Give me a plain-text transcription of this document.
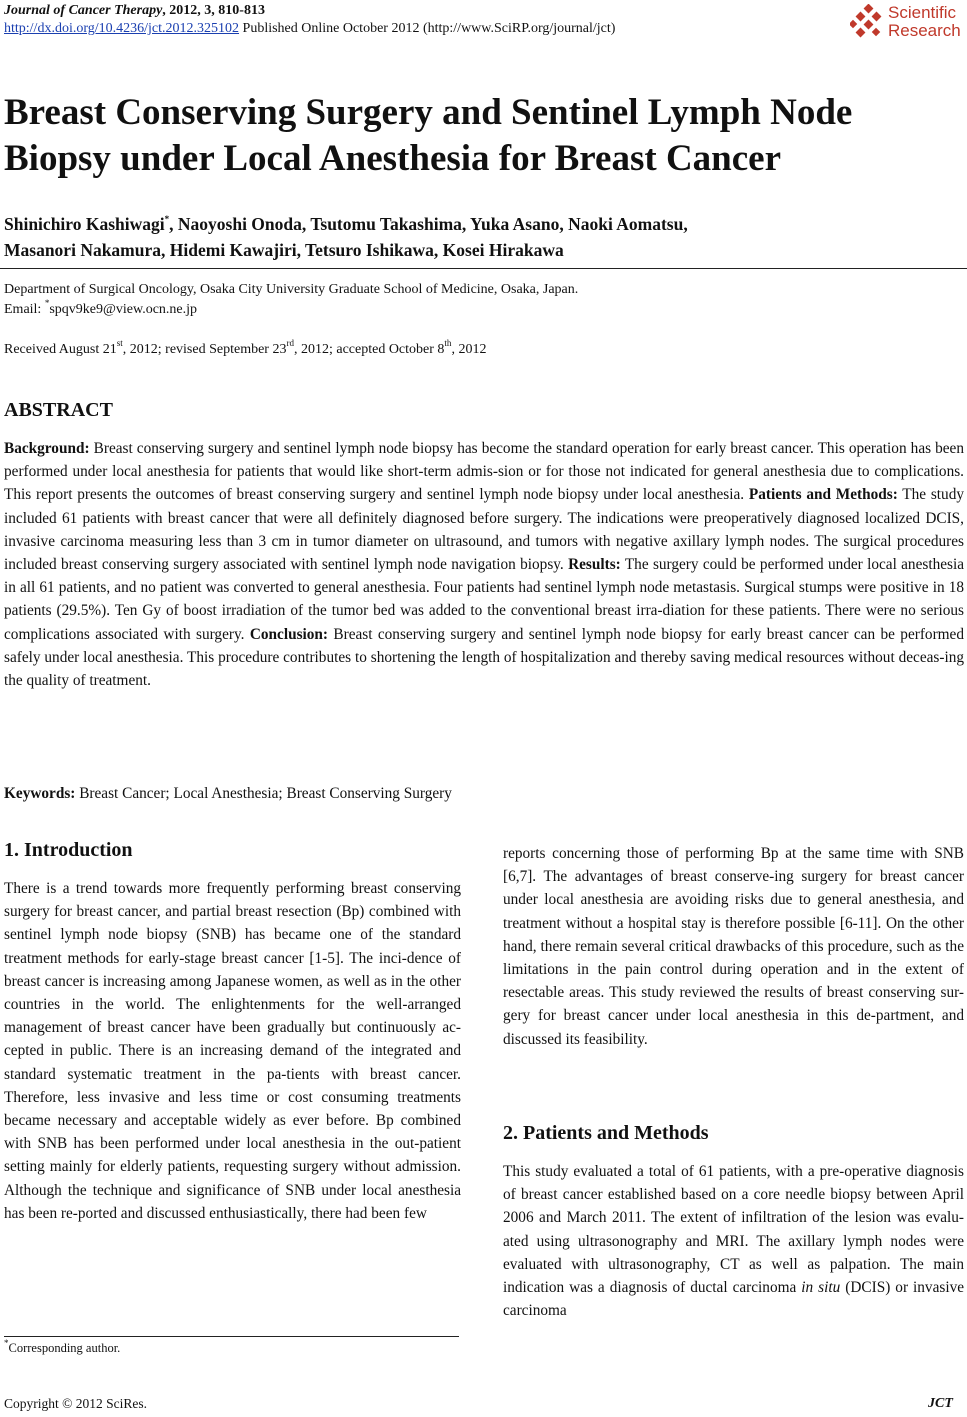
Journal of Cancer Therapy, 2012, 3, 810-813
http://dx.doi.org/10.4236/jct.2012.325102 Published Online October 2012 (http://www.SciRP.org/journal/jct)
Scientific
Research
Breast Conserving Surgery and Sentinel Lymph Node
Biopsy under Local Anesthesia for Breast Cancer
Shinichiro Kashiwagi*, Naoyoshi Onoda, Tsutomu Takashima, Yuka Asano, Naoki Aomatsu,
Masanori Nakamura, Hidemi Kawajiri, Tetsuro Ishikawa, Kosei Hirakawa
Department of Surgical Oncology, Osaka City University Graduate School of Medicine, Osaka, Japan.
Email: *spqv9ke9@view.ocn.ne.jp
Received August 21st, 2012; revised September 23rd, 2012; accepted October 8th, 2012
ABSTRACT
Background: Breast conserving surgery and sentinel lymph node biopsy has become the standard operation for early breast cancer. This operation has been performed under local anesthesia for patients that would like short-term admis-sion or for those not indicated for general anesthesia due to complications. This report presents the outcomes of breast conserving surgery and sentinel lymph node biopsy under local anesthesia. Patients and Methods: The study included 61 patients with breast cancer that were all definitely diagnosed before surgery. The indications were preoperatively diagnosed localized DCIS, invasive carcinoma measuring less than 3 cm in tumor diameter on ultrasound, and tumors with negative axillary lymph nodes. The surgical procedures included breast conserving surgery associated with sentinel lymph node navigation biopsy. Results: The surgery could be performed under local anesthesia in all 61 patients, and no patient was converted to general anesthesia. Four patients had sentinel lymph node metastasis. Surgical stumps were positive in 18 patients (29.5%). Ten Gy of boost irradiation of the tumor bed was added to the conventional breast irra-diation for these patients. There were no serious complications associated with surgery. Conclusion: Breast conserving surgery and sentinel lymph node biopsy for early breast cancer can be performed safely under local anesthesia. This procedure contributes to shortening the length of hospitalization and thereby saving medical resources without deceas-ing the quality of treatment.
Keywords: Breast Cancer; Local Anesthesia; Breast Conserving Surgery
1. Introduction
There is a trend towards more frequently performing breast conserving surgery for breast cancer, and partial breast resection (Bp) combined with sentinel lymph node biopsy (SNB) has became one of the standard treatment methods for early-stage breast cancer [1-5]. The inci-dence of breast cancer is increasing among Japanese women, as well as in the other countries in the world. The enlightenments for the well-arranged management of breast cancer have been gradually but continuously ac-cepted in public. There is an increasing demand of the integrated and standard systematic treatment in the pa-tients with breast cancer. Therefore, less invasive and less time or cost consuming treatments became necessary and acceptable widely as ever before. Bp combined with SNB has been performed under local anesthesia in the out-patient setting mainly for elderly patients, requesting surgery without admission. Although the technique and significance of SNB under local anesthesia has been re-ported and discussed enthusiastically, there had been few
reports concerning those of performing Bp at the same time with SNB [6,7]. The advantages of breast conserve-ing surgery for breast cancer under local anesthesia are avoiding risks due to general anesthesia, and treatment without a hospital stay is therefore possible [6-11]. On the other hand, there remain several critical drawbacks of this procedure, such as the limitations in the pain control during operation and in the extent of resectable areas. This study reviewed the results of breast conserving sur-gery for breast cancer under local anesthesia in this de-partment, and discussed its feasibility.
2. Patients and Methods
This study evaluated a total of 61 patients, with a pre-operative diagnosis of breast cancer established based on a core needle biopsy between April 2006 and March 2011. The extent of infiltration of the lesion was evalu-ated using ultrasonography and MRI. The axillary lymph nodes were evaluated with ultrasonography, CT as well as palpation. The main indication was a diagnosis of ductal carcinoma in situ (DCIS) or invasive carcinoma
*Corresponding author.
Copyright © 2012 SciRes.	JCT
